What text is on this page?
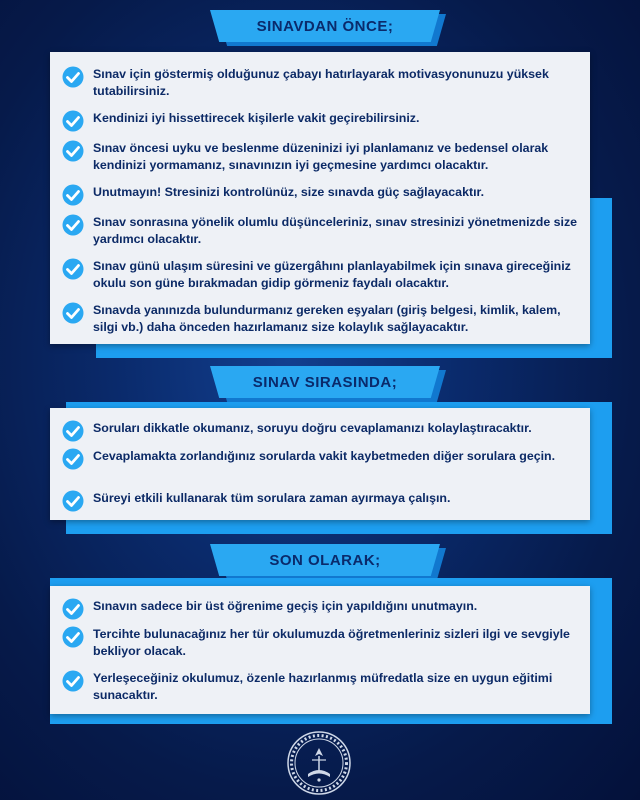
SINAVDAN ÖNCE;
Sınav için göstermiş olduğunuz çabayı hatırlayarak motivasyonunuzu yüksek tutabilirsiniz.
Kendinizi iyi hissettirecek kişilerle vakit geçirebilirsiniz.
Sınav öncesi uyku ve beslenme düzeninizi iyi planlamanız ve bedensel olarak kendinizi yormamanız, sınavınızın iyi geçmesine yardımcı olacaktır.
Unutmayın! Stresinizi kontrolünüz, size sınavda güç sağlayacaktır.
Sınav sonrasına yönelik olumlu düşünceleriniz, sınav stresinizi yönetmenizde size yardımcı olacaktır.
Sınav günü ulaşım süresini ve güzergâhını planlayabilmek için sınava gireceğiniz okulu son güne bırakmadan gidip görmeniz faydalı olacaktır.
Sınavda yanınızda bulundurmanız gereken eşyaları (giriş belgesi, kimlik, kalem, silgi vb.) daha önceden hazırlamanız size kolaylık sağlayacaktır.
SINAV SIRASINDA;
Soruları dikkatle okumanız, soruyu doğru cevaplamanızı kolaylaştıracaktır.
Cevaplamakta zorlandığınız sorularda vakit kaybetmeden diğer sorulara geçin.
Süreyi etkili kullanarak tüm sorulara zaman ayırmaya çalışın.
SON OLARAK;
Sınavın sadece bir üst öğrenime geçiş için yapıldığını unutmayın.
Tercihte bulunacağınız her tür okulumuzda öğretmenleriniz sizleri ilgi ve sevgiyle bekliyor olacak.
Yerleşeceğiniz okulumuz, özenle hazırlanmış müfredatla size en uygun eğitimi sunacaktır.
